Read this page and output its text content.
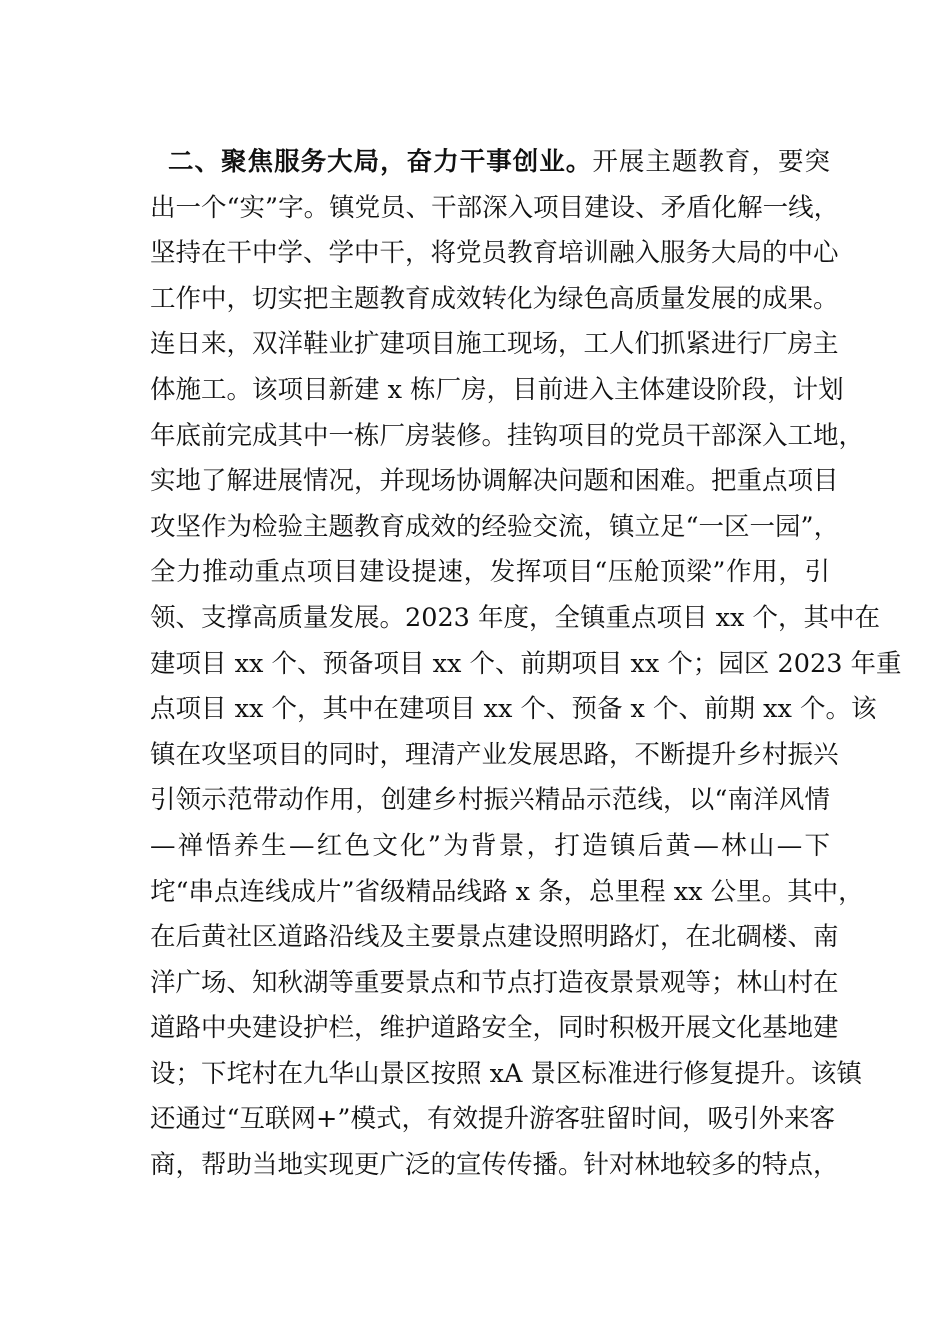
二、聚焦服务大局，奋力干事创业。开展主题教育，要突
出一个“实”字。镇党员、干部深入项目建设、矛盾化解一线，
坚持在干中学、学中干，将党员教育培训融入服务大局的中心
工作中，切实把主题教育成效转化为绿色高质量发展的成果。
连日来，双洋鞋业扩建项目施工现场，工人们抓紧进行厂房主
体施工。该项目新建 x 栋厂房，目前进入主体建设阶段，计划
年底前完成其中一栋厂房装修。挂钩项目的党员干部深入工地，
实地了解进展情况，并现场协调解决问题和困难。把重点项目
攻坚作为检验主题教育成效的经验交流，镇立足“一区一园”，
全力推动重点项目建设提速，发挥项目“压舱顶梁”作用，引
领、支撑高质量发展。2023 年度，全镇重点项目 xx 个，其中在
建项目 xx 个、预备项目 xx 个、前期项目 xx 个；园区 2023 年重
点项目 xx 个，其中在建项目 xx 个、预备 x 个、前期 xx 个。该
镇在攻坚项目的同时，理清产业发展思路，不断提升乡村振兴
引领示范带动作用，创建乡村振兴精品示范线，以“南洋风情
—禅悟养生—红色文化”为背景，打造镇后黄—林山—下
垞“串点连线成片”省级精品线路 x 条，总里程 xx 公里。其中，
在后黄社区道路沿线及主要景点建设照明路灯，在北碉楼、南
洋广场、知秋湖等重要景点和节点打造夜景景观等；林山村在
道路中央建设护栏，维护道路安全，同时积极开展文化基地建
设；下垞村在九华山景区按照 xA 景区标准进行修复提升。该镇
还通过“互联网+”模式，有效提升游客驻留时间，吸引外来客
商，帮助当地实现更广泛的宣传传播。针对林地较多的特点，
